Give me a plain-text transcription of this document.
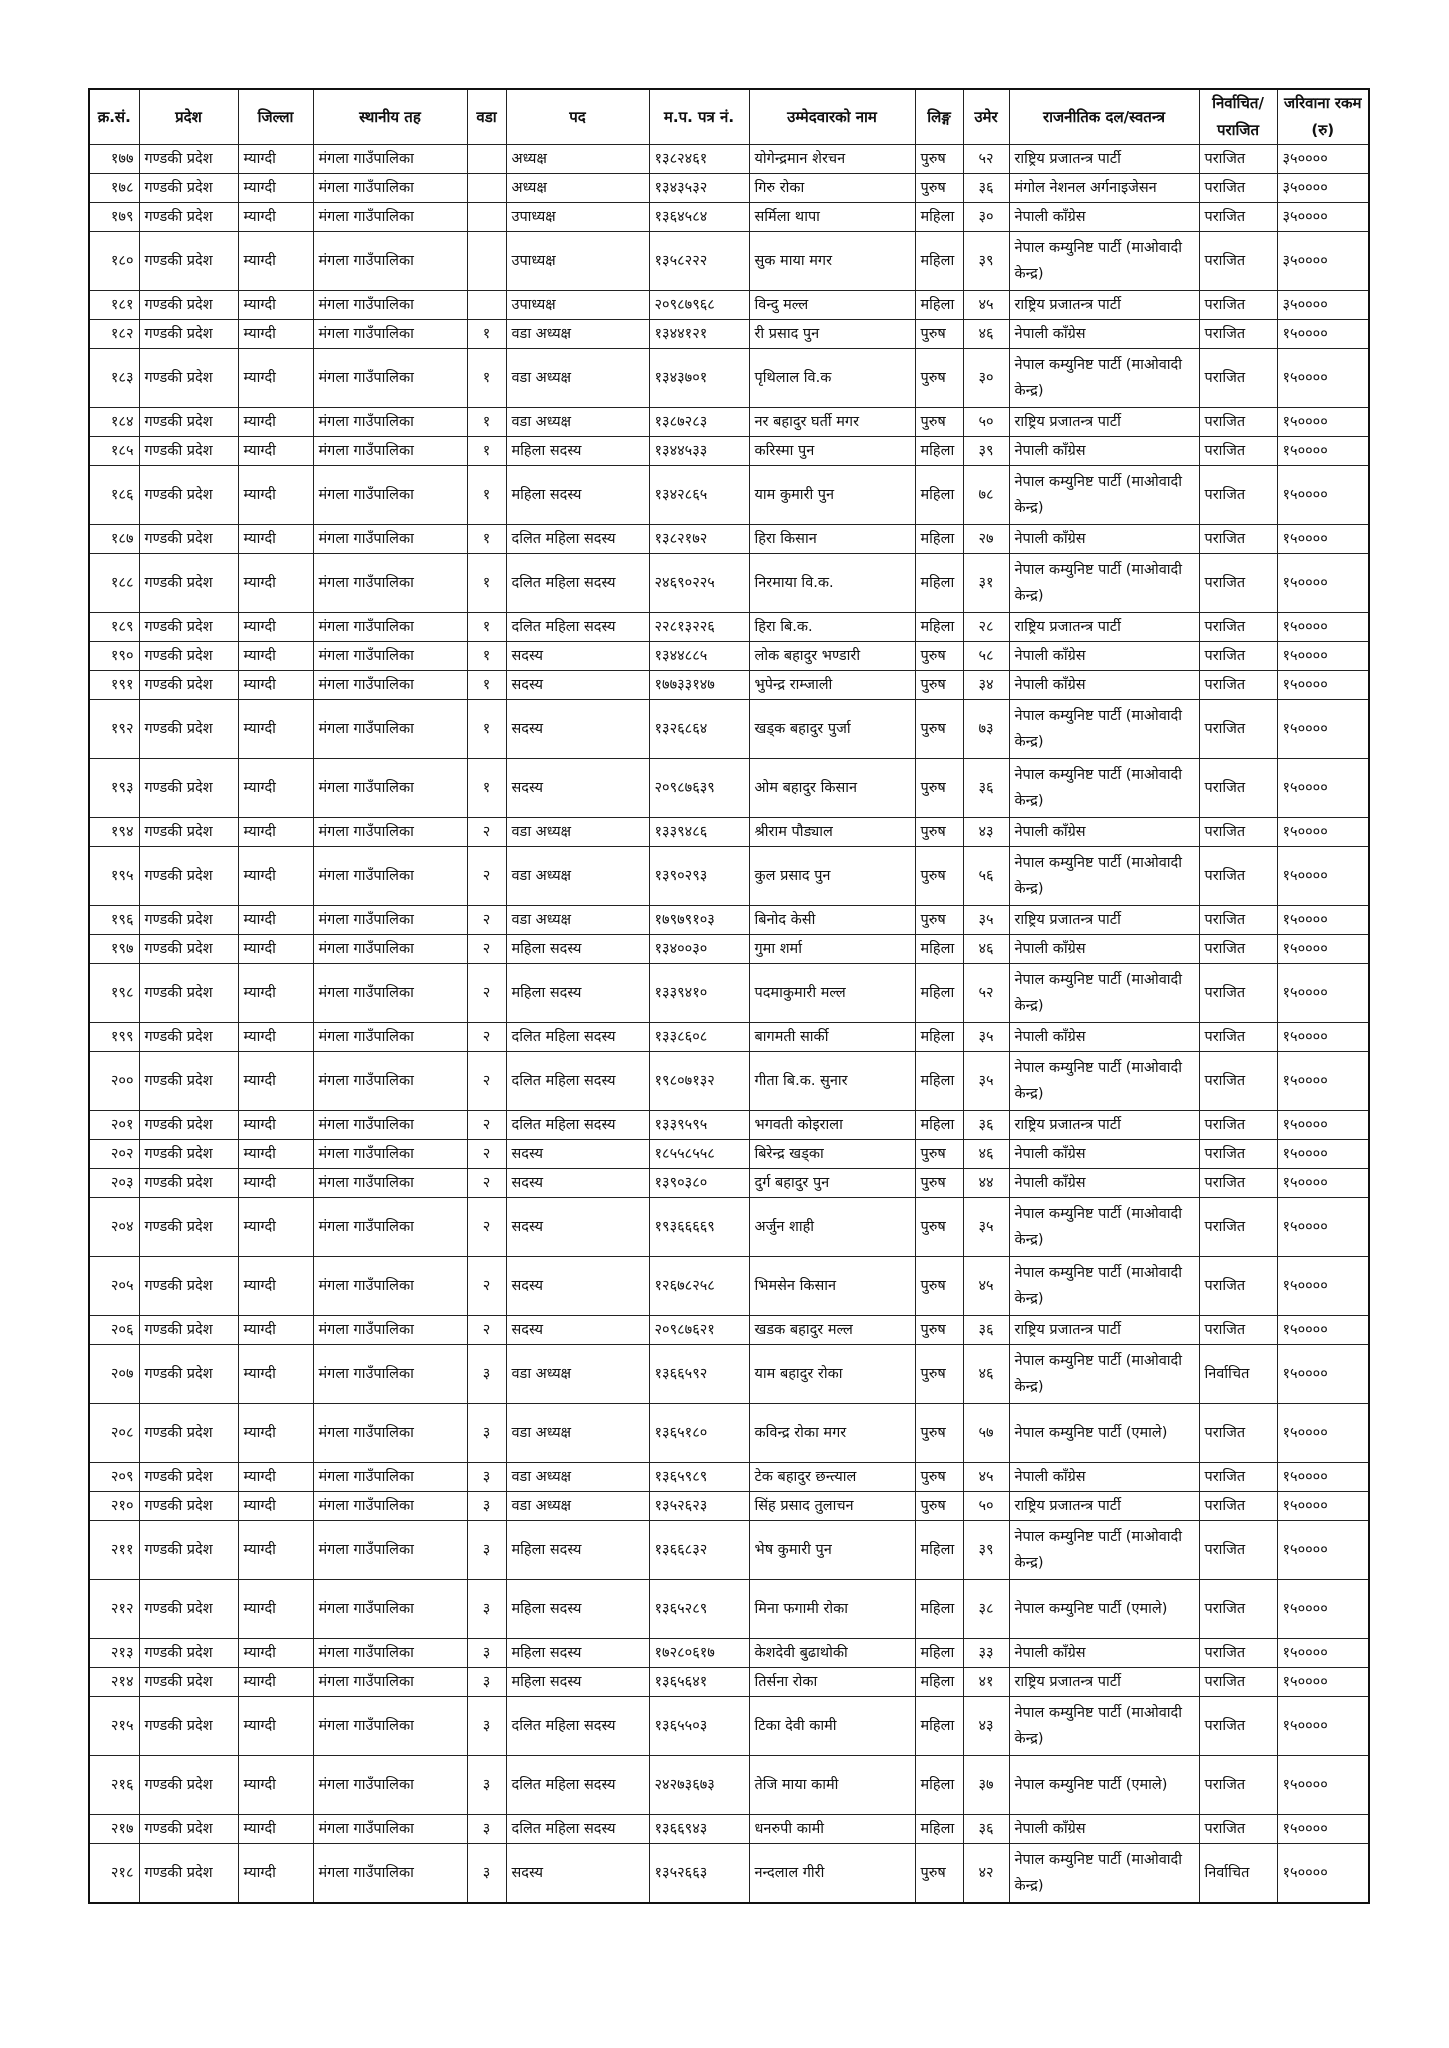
क्र.सं.	प्रदेश	जिल्ला	स्थानीय तह	वडा	पद	म.प. पत्र नं.	उम्मेदवारको नाम	लिङ्ग	उमेर	राजनीतिक दल/स्वतन्त्र	निर्वाचित/ पराजित	जरिवाना रकम (रु)
१७७	गण्डकी प्रदेश	म्याग्दी	मंगला गाउँपालिका		अध्यक्ष	१३८२४६१	योगेन्द्रमान शेरचन	पुरुष	५२	राष्ट्रिय प्रजातन्त्र पार्टी	पराजित	३५००००
१७८	गण्डकी प्रदेश	म्याग्दी	मंगला गाउँपालिका		अध्यक्ष	१३४३५३२	गिरु रोका	पुरुष	३६	मंगोल नेशनल अर्गनाइजेसन	पराजित	३५००००
१७९	गण्डकी प्रदेश	म्याग्दी	मंगला गाउँपालिका		उपाध्यक्ष	१३६४५८४	सर्मिला थापा	महिला	३०	नेपाली काँग्रेस	पराजित	३५००००
१८०	गण्डकी प्रदेश	म्याग्दी	मंगला गाउँपालिका		उपाध्यक्ष	१३५८२२२	सुक माया मगर	महिला	३९	नेपाल कम्युनिष्ट पार्टी (माओवादी केन्द्र)	पराजित	३५००००
१८१	गण्डकी प्रदेश	म्याग्दी	मंगला गाउँपालिका		उपाध्यक्ष	२०९८७९६८	विन्दु मल्ल	महिला	४५	राष्ट्रिय प्रजातन्त्र पार्टी	पराजित	३५००००
१८२	गण्डकी प्रदेश	म्याग्दी	मंगला गाउँपालिका	१	वडा अध्यक्ष	१३४४१२१	री प्रसाद पुन	पुरुष	४६	नेपाली काँग्रेस	पराजित	१५००००
१८३	गण्डकी प्रदेश	म्याग्दी	मंगला गाउँपालिका	१	वडा अध्यक्ष	१३४३७०१	पृथिलाल वि.क	पुरुष	३०	नेपाल कम्युनिष्ट पार्टी (माओवादी केन्द्र)	पराजित	१५००००
१८४	गण्डकी प्रदेश	म्याग्दी	मंगला गाउँपालिका	१	वडा अध्यक्ष	१३८७२८३	नर बहादुर घर्ती मगर	पुरुष	५०	राष्ट्रिय प्रजातन्त्र पार्टी	पराजित	१५००००
१८५	गण्डकी प्रदेश	म्याग्दी	मंगला गाउँपालिका	१	महिला सदस्य	१३४४५३३	करिस्मा पुन	महिला	३९	नेपाली काँग्रेस	पराजित	१५००००
१८६	गण्डकी प्रदेश	म्याग्दी	मंगला गाउँपालिका	१	महिला सदस्य	१३४२८६५	याम कुमारी पुन	महिला	७८	नेपाल कम्युनिष्ट पार्टी (माओवादी केन्द्र)	पराजित	१५००००
१८७	गण्डकी प्रदेश	म्याग्दी	मंगला गाउँपालिका	१	दलित महिला सदस्य	१३८२१७२	हिरा किसान	महिला	२७	नेपाली काँग्रेस	पराजित	१५००००
१८८	गण्डकी प्रदेश	म्याग्दी	मंगला गाउँपालिका	१	दलित महिला सदस्य	२४६९०२२५	निरमाया वि.क.	महिला	३१	नेपाल कम्युनिष्ट पार्टी (माओवादी केन्द्र)	पराजित	१५००००
१८९	गण्डकी प्रदेश	म्याग्दी	मंगला गाउँपालिका	१	दलित महिला सदस्य	२२८१३२२६	हिरा बि.क.	महिला	२८	राष्ट्रिय प्रजातन्त्र पार्टी	पराजित	१५००००
१९०	गण्डकी प्रदेश	म्याग्दी	मंगला गाउँपालिका	१	सदस्य	१३४४८८५	लोक बहादुर भण्डारी	पुरुष	५८	नेपाली काँग्रेस	पराजित	१५००००
१९१	गण्डकी प्रदेश	म्याग्दी	मंगला गाउँपालिका	१	सदस्य	१७७३३१४७	भुपेन्द्र राम्जाली	पुरुष	३४	नेपाली काँग्रेस	पराजित	१५००००
१९२	गण्डकी प्रदेश	म्याग्दी	मंगला गाउँपालिका	१	सदस्य	१३२६८६४	खड्क बहादुर पुर्जा	पुरुष	७३	नेपाल कम्युनिष्ट पार्टी (माओवादी केन्द्र)	पराजित	१५००००
१९३	गण्डकी प्रदेश	म्याग्दी	मंगला गाउँपालिका	१	सदस्य	२०९८७६३९	ओम बहादुर किसान	पुरुष	३६	नेपाल कम्युनिष्ट पार्टी (माओवादी केन्द्र)	पराजित	१५००००
१९४	गण्डकी प्रदेश	म्याग्दी	मंगला गाउँपालिका	२	वडा अध्यक्ष	१३३९४८६	श्रीराम पौड्याल	पुरुष	४३	नेपाली काँग्रेस	पराजित	१५००००
१९५	गण्डकी प्रदेश	म्याग्दी	मंगला गाउँपालिका	२	वडा अध्यक्ष	१३९०२९३	कुल प्रसाद पुन	पुरुष	५६	नेपाल कम्युनिष्ट पार्टी (माओवादी केन्द्र)	पराजित	१५००००
१९६	गण्डकी प्रदेश	म्याग्दी	मंगला गाउँपालिका	२	वडा अध्यक्ष	१७९७९१०३	बिनोद केसी	पुरुष	३५	राष्ट्रिय प्रजातन्त्र पार्टी	पराजित	१५००००
१९७	गण्डकी प्रदेश	म्याग्दी	मंगला गाउँपालिका	२	महिला सदस्य	१३४००३०	गुमा शर्मा	महिला	४६	नेपाली काँग्रेस	पराजित	१५००००
१९८	गण्डकी प्रदेश	म्याग्दी	मंगला गाउँपालिका	२	महिला सदस्य	१३३९४१०	पदमाकुमारी मल्ल	महिला	५२	नेपाल कम्युनिष्ट पार्टी (माओवादी केन्द्र)	पराजित	१५००००
१९९	गण्डकी प्रदेश	म्याग्दी	मंगला गाउँपालिका	२	दलित महिला सदस्य	१३३८६०८	बागमती सार्की	महिला	३५	नेपाली काँग्रेस	पराजित	१५००००
२००	गण्डकी प्रदेश	म्याग्दी	मंगला गाउँपालिका	२	दलित महिला सदस्य	१९८०७१३२	गीता बि.क. सुनार	महिला	३५	नेपाल कम्युनिष्ट पार्टी (माओवादी केन्द्र)	पराजित	१५००००
२०१	गण्डकी प्रदेश	म्याग्दी	मंगला गाउँपालिका	२	दलित महिला सदस्य	१३३९५९५	भगवती कोइराला	महिला	३६	राष्ट्रिय प्रजातन्त्र पार्टी	पराजित	१५००००
२०२	गण्डकी प्रदेश	म्याग्दी	मंगला गाउँपालिका	२	सदस्य	१८५५८५५८	बिरेन्द्र खड्का	पुरुष	४६	नेपाली काँग्रेस	पराजित	१५००००
२०३	गण्डकी प्रदेश	म्याग्दी	मंगला गाउँपालिका	२	सदस्य	१३९०३८०	दुर्ग बहादुर पुन	पुरुष	४४	नेपाली काँग्रेस	पराजित	१५००००
२०४	गण्डकी प्रदेश	म्याग्दी	मंगला गाउँपालिका	२	सदस्य	१९३६६६६९	अर्जुन शाही	पुरुष	३५	नेपाल कम्युनिष्ट पार्टी (माओवादी केन्द्र)	पराजित	१५००००
२०५	गण्डकी प्रदेश	म्याग्दी	मंगला गाउँपालिका	२	सदस्य	१२६७८२५८	भिमसेन किसान	पुरुष	४५	नेपाल कम्युनिष्ट पार्टी (माओवादी केन्द्र)	पराजित	१५००००
२०६	गण्डकी प्रदेश	म्याग्दी	मंगला गाउँपालिका	२	सदस्य	२०९८७६२१	खडक बहादुर मल्ल	पुरुष	३६	राष्ट्रिय प्रजातन्त्र पार्टी	पराजित	१५००००
२०७	गण्डकी प्रदेश	म्याग्दी	मंगला गाउँपालिका	३	वडा अध्यक्ष	१३६६५९२	याम बहादुर रोका	पुरुष	४६	नेपाल कम्युनिष्ट पार्टी (माओवादी केन्द्र)	निर्वाचित	१५००००
२०८	गण्डकी प्रदेश	म्याग्दी	मंगला गाउँपालिका	३	वडा अध्यक्ष	१३६५१८०	कविन्द्र रोका मगर	पुरुष	५७	नेपाल कम्युनिष्ट पार्टी (एमाले)	पराजित	१५००००
२०९	गण्डकी प्रदेश	म्याग्दी	मंगला गाउँपालिका	३	वडा अध्यक्ष	१३६५९८९	टेक बहादुर छन्त्याल	पुरुष	४५	नेपाली काँग्रेस	पराजित	१५००००
२१०	गण्डकी प्रदेश	म्याग्दी	मंगला गाउँपालिका	३	वडा अध्यक्ष	१३५२६२३	सिंह प्रसाद तुलाचन	पुरुष	५०	राष्ट्रिय प्रजातन्त्र पार्टी	पराजित	१५००००
२११	गण्डकी प्रदेश	म्याग्दी	मंगला गाउँपालिका	३	महिला सदस्य	१३६६८३२	भेष कुमारी पुन	महिला	३९	नेपाल कम्युनिष्ट पार्टी (माओवादी केन्द्र)	पराजित	१५००००
२१२	गण्डकी प्रदेश	म्याग्दी	मंगला गाउँपालिका	३	महिला सदस्य	१३६५२८९	मिना फगामी रोका	महिला	३८	नेपाल कम्युनिष्ट पार्टी (एमाले)	पराजित	१५००००
२१३	गण्डकी प्रदेश	म्याग्दी	मंगला गाउँपालिका	३	महिला सदस्य	१७२८०६१७	केशदेवी बुढाथोकी	महिला	३३	नेपाली काँग्रेस	पराजित	१५००००
२१४	गण्डकी प्रदेश	म्याग्दी	मंगला गाउँपालिका	३	महिला सदस्य	१३६५६४१	तिर्सना रोका	महिला	४१	राष्ट्रिय प्रजातन्त्र पार्टी	पराजित	१५००००
२१५	गण्डकी प्रदेश	म्याग्दी	मंगला गाउँपालिका	३	दलित महिला सदस्य	१३६५५०३	टिका देवी कामी	महिला	४३	नेपाल कम्युनिष्ट पार्टी (माओवादी केन्द्र)	पराजित	१५००००
२१६	गण्डकी प्रदेश	म्याग्दी	मंगला गाउँपालिका	३	दलित महिला सदस्य	२४२७३६७३	तेजि माया कामी	महिला	३७	नेपाल कम्युनिष्ट पार्टी (एमाले)	पराजित	१५००००
२१७	गण्डकी प्रदेश	म्याग्दी	मंगला गाउँपालिका	३	दलित महिला सदस्य	१३६६९४३	धनरुपी कामी	महिला	३६	नेपाली काँग्रेस	पराजित	१५००००
२१८	गण्डकी प्रदेश	म्याग्दी	मंगला गाउँपालिका	३	सदस्य	१३५२६६३	नन्दलाल गीरी	पुरुष	४२	नेपाल कम्युनिष्ट पार्टी (माओवादी केन्द्र)	निर्वाचित	१५००००
